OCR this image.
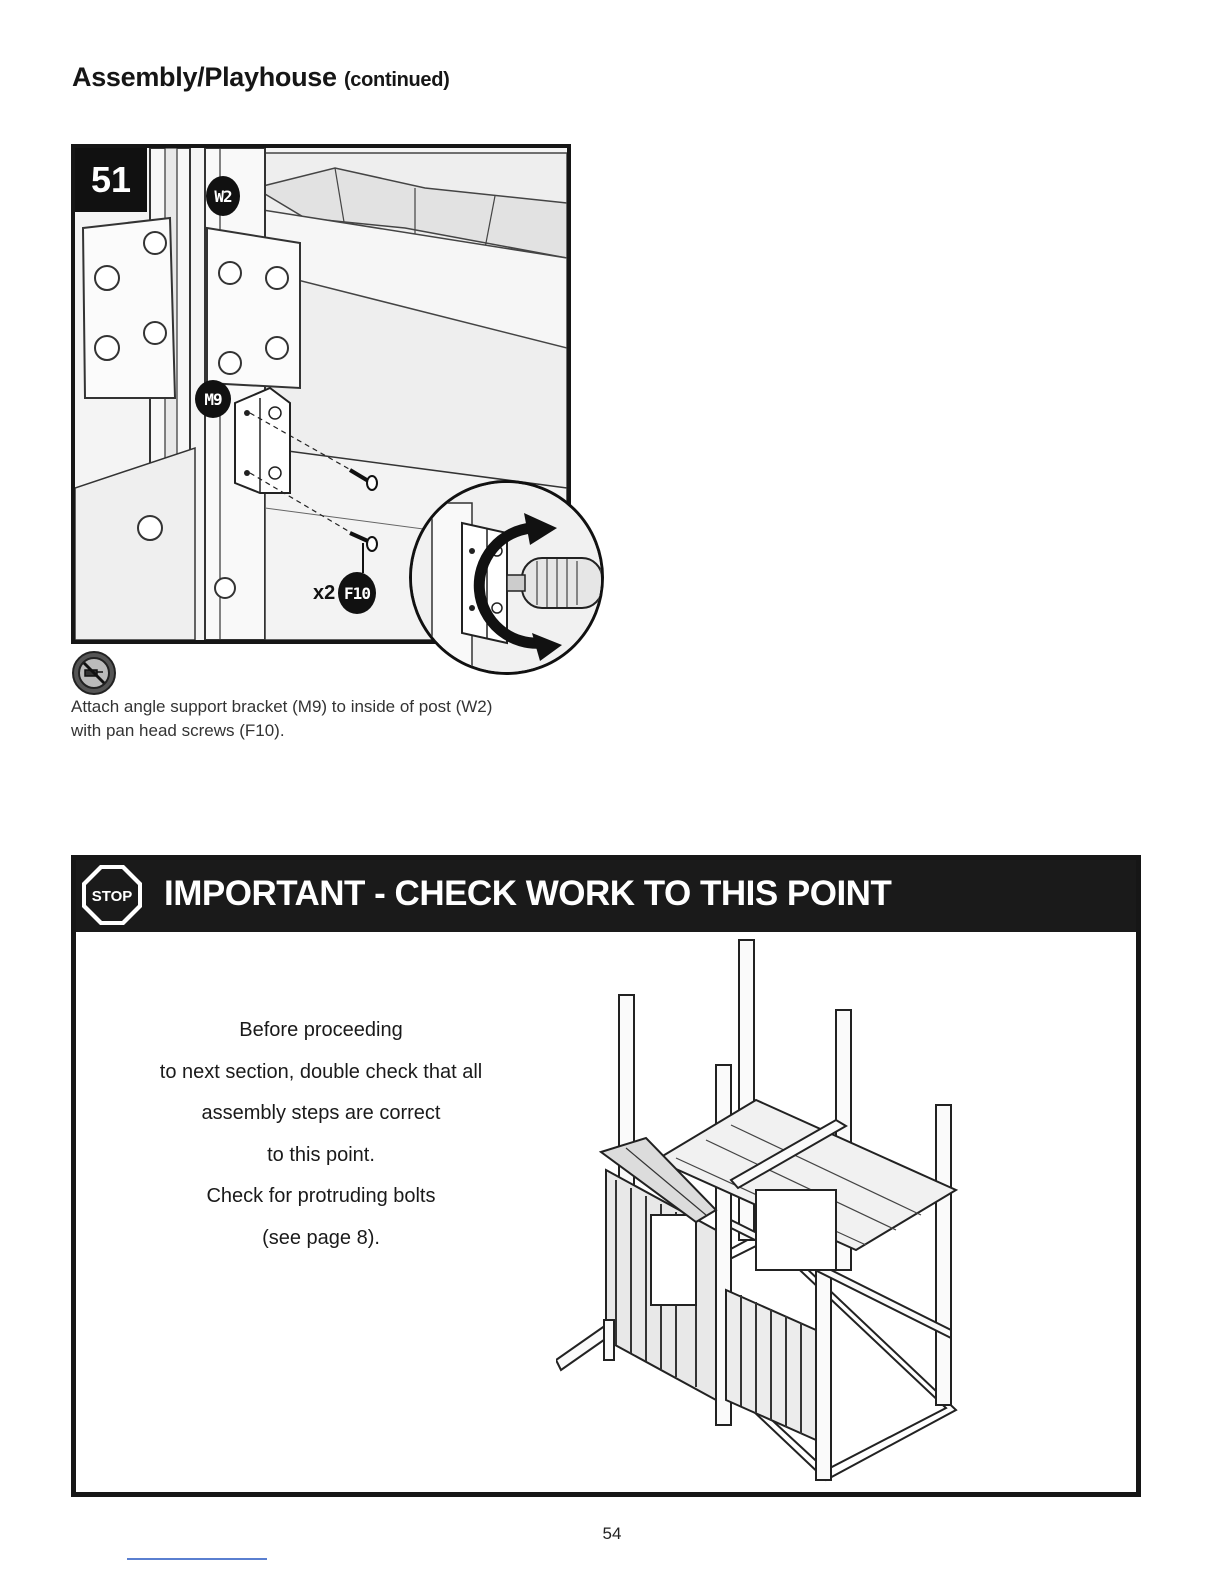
Assembly/Playhouse (continued)
51	W2
M9
x2 F10
Attach angle support bracket (M9) to inside of post (W2)
with pan head screws (F10).
STOP IMPORTANT - CHECK WORK TO THIS POINT
Before proceeding
to next section, double check that all
assembly steps are correct
to this point.
Check for protruding bolts
(see page 8).
54
